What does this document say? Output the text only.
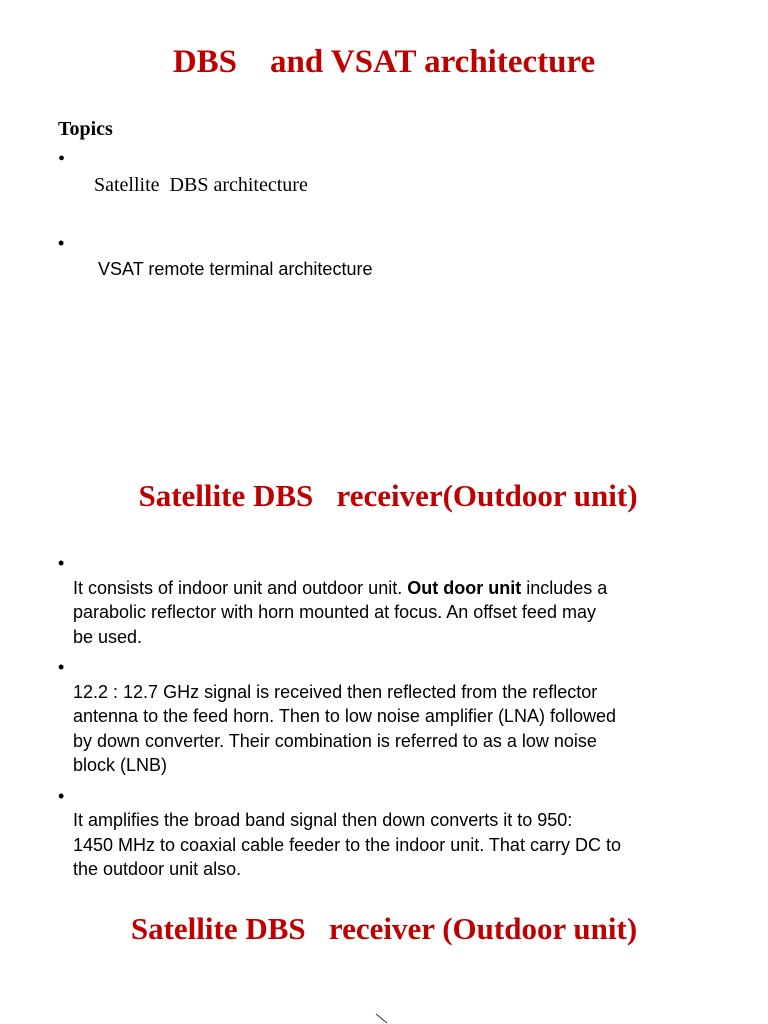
DBS    and VSAT architecture
Topics

•
Satellite  DBS architecture

•
VSAT remote terminal architecture

Satellite DBS   receiver(Outdoor unit)

•
It consists of indoor unit and outdoor unit. Out door unit includes a
parabolic reflector with horn mounted at focus. An offset feed may
be used.

•
12.2 : 12.7 GHz signal is received then reflected from the reflector
antenna to the feed horn. Then to low noise amplifier (LNA) followed
by down converter. Their combination is referred to as a low noise
block (LNB)

•
It amplifies the broad band signal then down converts it to 950:
1450 MHz to coaxial cable feeder to the indoor unit. That carry DC to
the outdoor unit also.

Satellite DBS   receiver (Outdoor unit)
